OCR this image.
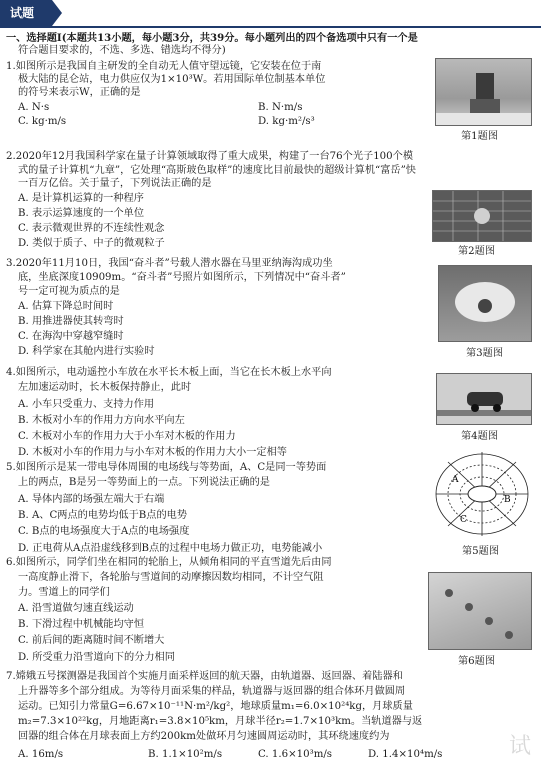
试题
一、选择题Ⅰ(本题共13小题，每小题3分，共39分。每小题列出的四个备选项中只有一个是
符合题目要求的，不选、多选、错选均不得分)
1.如图所示是我国自主研发的全自动无人值守望远镜，它安装在位于南
极大陆的昆仑站，电力供应仅为1×10³W。若用国际单位制基本单位
的符号来表示W，正确的是
A. N·s	B. N·m/s
C. kg·m/s	D. kg·m²/s³
第1题图
2.2020年12月我国科学家在量子计算领域取得了重大成果，构建了一台76个光子100个模
式的量子计算机“九章”，它处理“高斯玻色取样”的速度比目前最快的超级计算机“富岳”快
一百万亿倍。关于量子，下列说法正确的是
A. 是计算机运算的一种程序
B. 表示运算速度的一个单位
C. 表示微观世界的不连续性观念
D. 类似于质子、中子的微观粒子
第2题图
3.2020年11月10日，我国“奋斗者”号载人潜水器在马里亚纳海沟成功坐
底，坐底深度10909m。“奋斗者”号照片如图所示，下列情况中“奋斗者”
号一定可视为质点的是
A. 估算下降总时间时
B. 用推进器使其转弯时
C. 在海沟中穿越窄缝时
D. 科学家在其舱内进行实验时	第3题图
4.如图所示，电动遥控小车放在水平长木板上面，当它在长木板上水平向
左加速运动时，长木板保持静止，此时
A. 小车只受重力、支持力作用
B. 木板对小车的作用力方向水平向左
C. 木板对小车的作用力大于小车对木板的作用力
D. 木板对小车的作用力与小车对木板的作用力大小一定相等
第4题图
5.如图所示是某一带电导体周围的电场线与等势面，A、C是同一等势面
上的两点，B是另一等势面上的一点。下列说法正确的是
A. 导体内部的场强左端大于右端
B. A、C两点的电势均低于B点的电势
C. B点的电场强度大于A点的电场强度
D. 正电荷从A点沿虚线移到B点的过程中电场力做正功，电势能减小
A
B
C
第5题图
6.如图所示，同学们坐在相同的轮胎上，从倾角相同的平直雪道先后由同
一高度静止滑下，各轮胎与雪道间的动摩擦因数均相同，不计空气阻
力。雪道上的同学们
A. 沿雪道做匀速直线运动
B. 下滑过程中机械能均守恒
C. 前后间的距离随时间不断增大
D. 所受重力沿雪道向下的分力相同	第6题图
7.嫦娥五号探测器是我国首个实施月面采样返回的航天器，由轨道器、返回器、着陆器和
上升器等多个部分组成。为等待月面采集的样品，轨道器与返回器的组合体环月做圆周
运动。已知引力常量G=6.67×10⁻¹¹N·m²/kg²，地球质量m₁=6.0×10²⁴kg，月球质量
m₂=7.3×10²²kg，月地距离r₁=3.8×10⁵km，月球半径r₂=1.7×10³km。当轨道器与返
回器的组合体在月球表面上方约200km处做环月匀速圆周运动时，其环绕速度约为
A. 16m/s	B. 1.1×10²m/s	C. 1.6×10³m/s	D. 1.4×10⁴m/s	试
